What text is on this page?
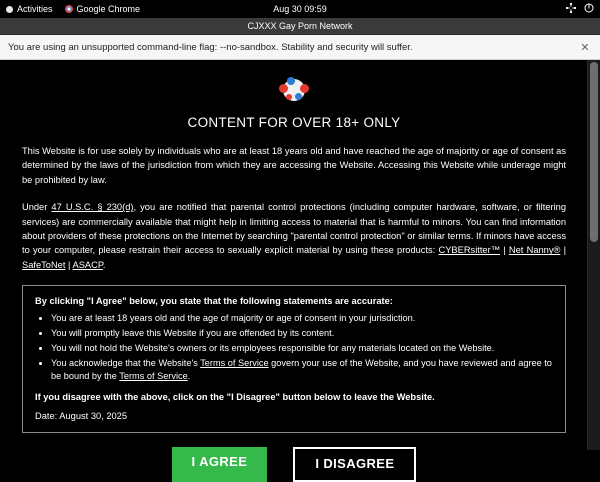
Activities	Google Chrome	Aug 30 09:59
CJXXX Gay Porn Network
You are using an unsupported command-line flag: --no-sandbox. Stability and security will suffer.	✕
CONTENT FOR OVER 18+ ONLY

This Website is for use solely by individuals who are at least 18 years old and have reached the age of majority or age of consent as determined by the laws of the jurisdiction from which they are accessing the Website. Accessing this Website while underage might be prohibited by law.

Under 47 U.S.C. § 230(d), you are notified that parental control protections (including computer hardware, software, or filtering services) are commercially available that might help in limiting access to material that is harmful to minors. You can find information about providers of these protections on the Internet by searching "parental control protection" or similar terms. If minors have access to your computer, please restrain their access to sexually explicit material by using these products: CYBERsitter™ | Net Nanny® | SafeToNet | ASACP.

By clicking "I Agree" below, you state that the following statements are accurate:

• You are at least 18 years old and the age of majority or age of consent in your jurisdiction.
• You will promptly leave this Website if you are offended by its content.
• You will not hold the Website's owners or its employees responsible for any materials located on the Website.
• You acknowledge that the Website's Terms of Service govern your use of the Website, and you have reviewed and agree to be bound by the Terms of Service.

If you disagree with the above, click on the "I Disagree" button below to leave the Website.

Date: August 30, 2025

I AGREE	I DISAGREE
